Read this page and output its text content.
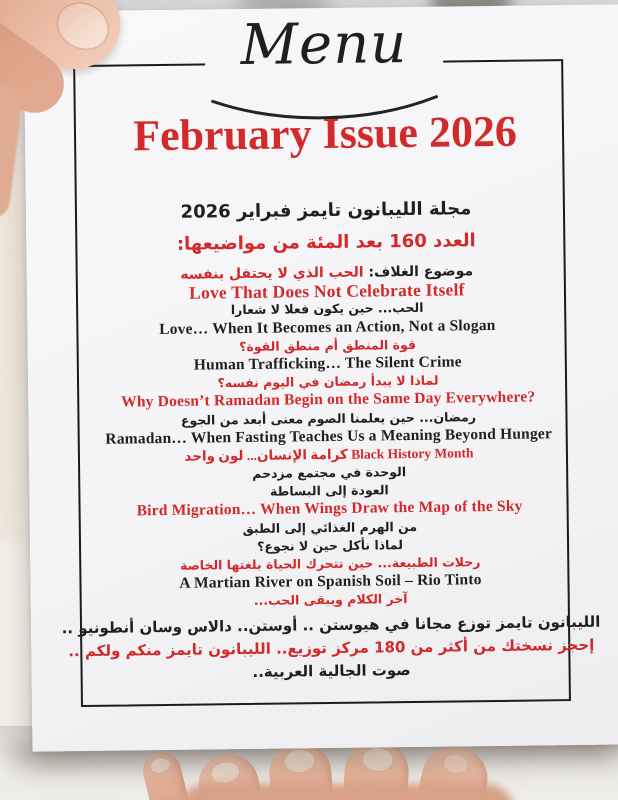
Menu
February Issue 2026
مجلة الليبانون تايمز فبراير 2026
العدد 160 بعد المئة من مواضيعها:
موضوع الغلاف: الحب الذي لا يحتفل بنفسه
Love That Does Not Celebrate Itself
الحب... حين يكون فعلا لا شعارا
Love… When It Becomes an Action, Not a Slogan
قوة المنطق أم منطق القوة؟
Human Trafficking… The Silent Crime
لماذا لا يبدأ رمضان في اليوم نفسه؟
Why Doesn’t Ramadan Begin on the Same Day Everywhere?
رمضان... حين يعلمنا الصوم معنى أبعد من الجوع
Ramadan… When Fasting Teaches Us a Meaning Beyond Hunger
كرامة الإنسان... لون واحد Black History Month
الوحدة في مجتمع مزدحم
العودة إلى البساطة
Bird Migration… When Wings Draw the Map of the Sky
من الهرم الغذائي إلى الطبق
لماذا نأكل حين لا نجوع؟
رحلات الطبيعة... حين تتحرك الحياة بلغتها الخاصة
A Martian River on Spanish Soil – Rio Tinto
آخر الكلام ويبقى الحب...
الليبانون تايمز توزع مجانا في هيوستن .. أوستن.. دالاس وسان أنطونيو ..
إحجز نسختك من أكثر من 180 مركز توزيع.. الليبانون تايمز منكم ولكم ..
صوت الجالية العربية..
